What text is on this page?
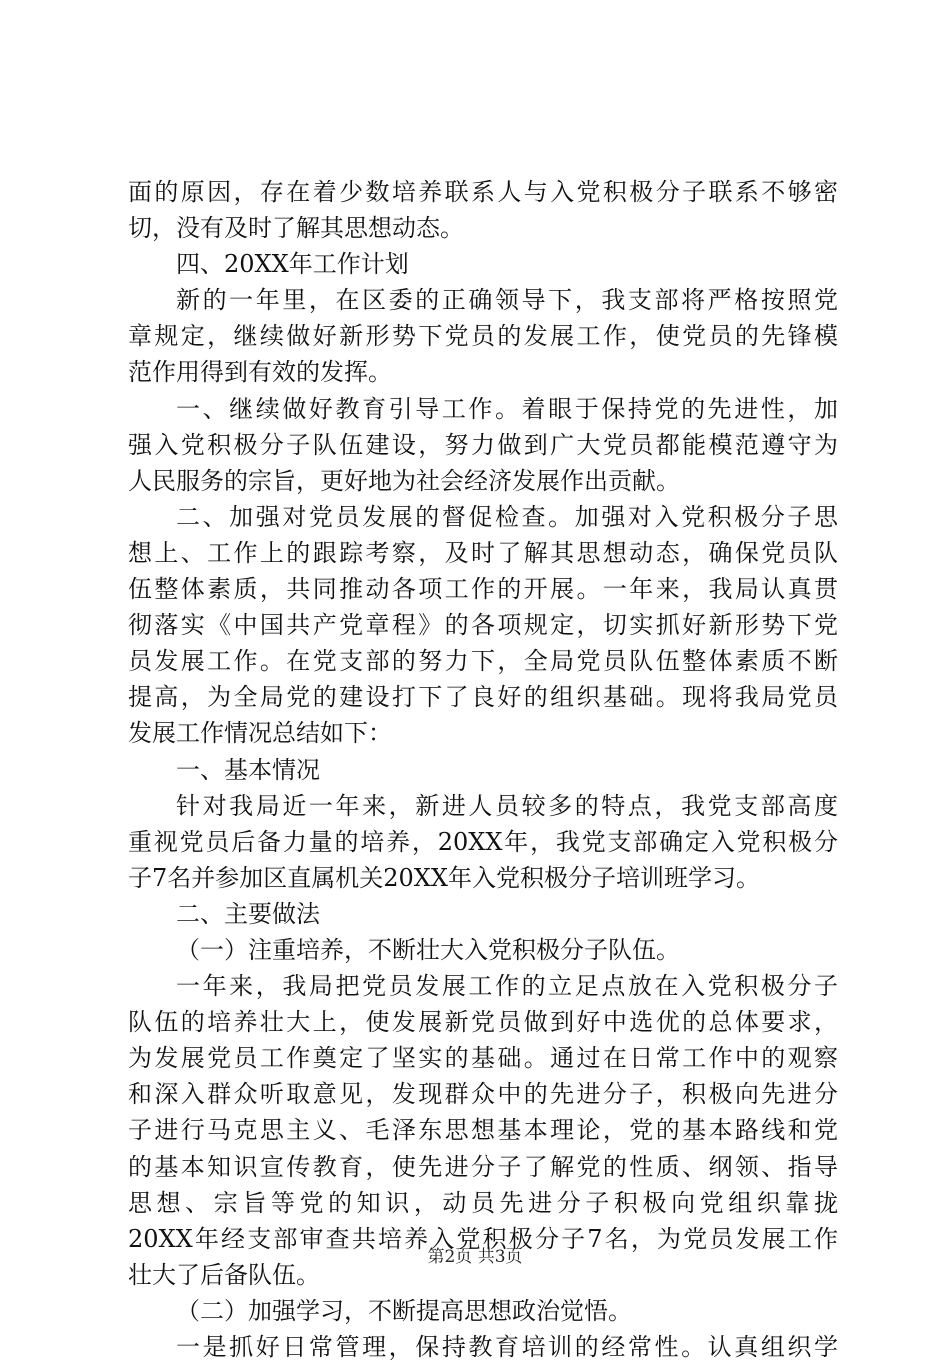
面的原因，存在着少数培养联系人与入党积极分子联系不够密
切，没有及时了解其思想动态。
四、20XX年工作计划
新的一年里，在区委的正确领导下，我支部将严格按照党
章规定，继续做好新形势下党员的发展工作，使党员的先锋模
范作用得到有效的发挥。
一、继续做好教育引导工作。着眼于保持党的先进性，加
强入党积极分子队伍建设，努力做到广大党员都能模范遵守为
人民服务的宗旨，更好地为社会经济发展作出贡献。
二、加强对党员发展的督促检查。加强对入党积极分子思
想上、工作上的跟踪考察，及时了解其思想动态，确保党员队
伍整体素质，共同推动各项工作的开展。一年来，我局认真贯
彻落实《中国共产党章程》的各项规定，切实抓好新形势下党
员发展工作。在党支部的努力下，全局党员队伍整体素质不断
提高，为全局党的建设打下了良好的组织基础。现将我局党员
发展工作情况总结如下：
一、基本情况
针对我局近一年来，新进人员较多的特点，我党支部高度
重视党员后备力量的培养，20XX年，我党支部确定入党积极分
子7名并参加区直属机关20XX年入党积极分子培训班学习。
二、主要做法
（一）注重培养，不断壮大入党积极分子队伍。
一年来，我局把党员发展工作的立足点放在入党积极分子
队伍的培养壮大上，使发展新党员做到好中选优的总体要求，
为发展党员工作奠定了坚实的基础。通过在日常工作中的观察
和深入群众听取意见，发现群众中的先进分子，积极向先进分
子进行马克思主义、毛泽东思想基本理论，党的基本路线和党
的基本知识宣传教育，使先进分子了解党的性质、纲领、指导
思想、宗旨等党的知识，动员先进分子积极向党组织靠拢
20XX年经支部审查共培养入党积极分子7名，为党员发展工作
壮大了后备队伍。
（二）加强学习，不断提高思想政治觉悟。
一是抓好日常管理，保持教育培训的经常性。认真组织学
第2页 共3页
